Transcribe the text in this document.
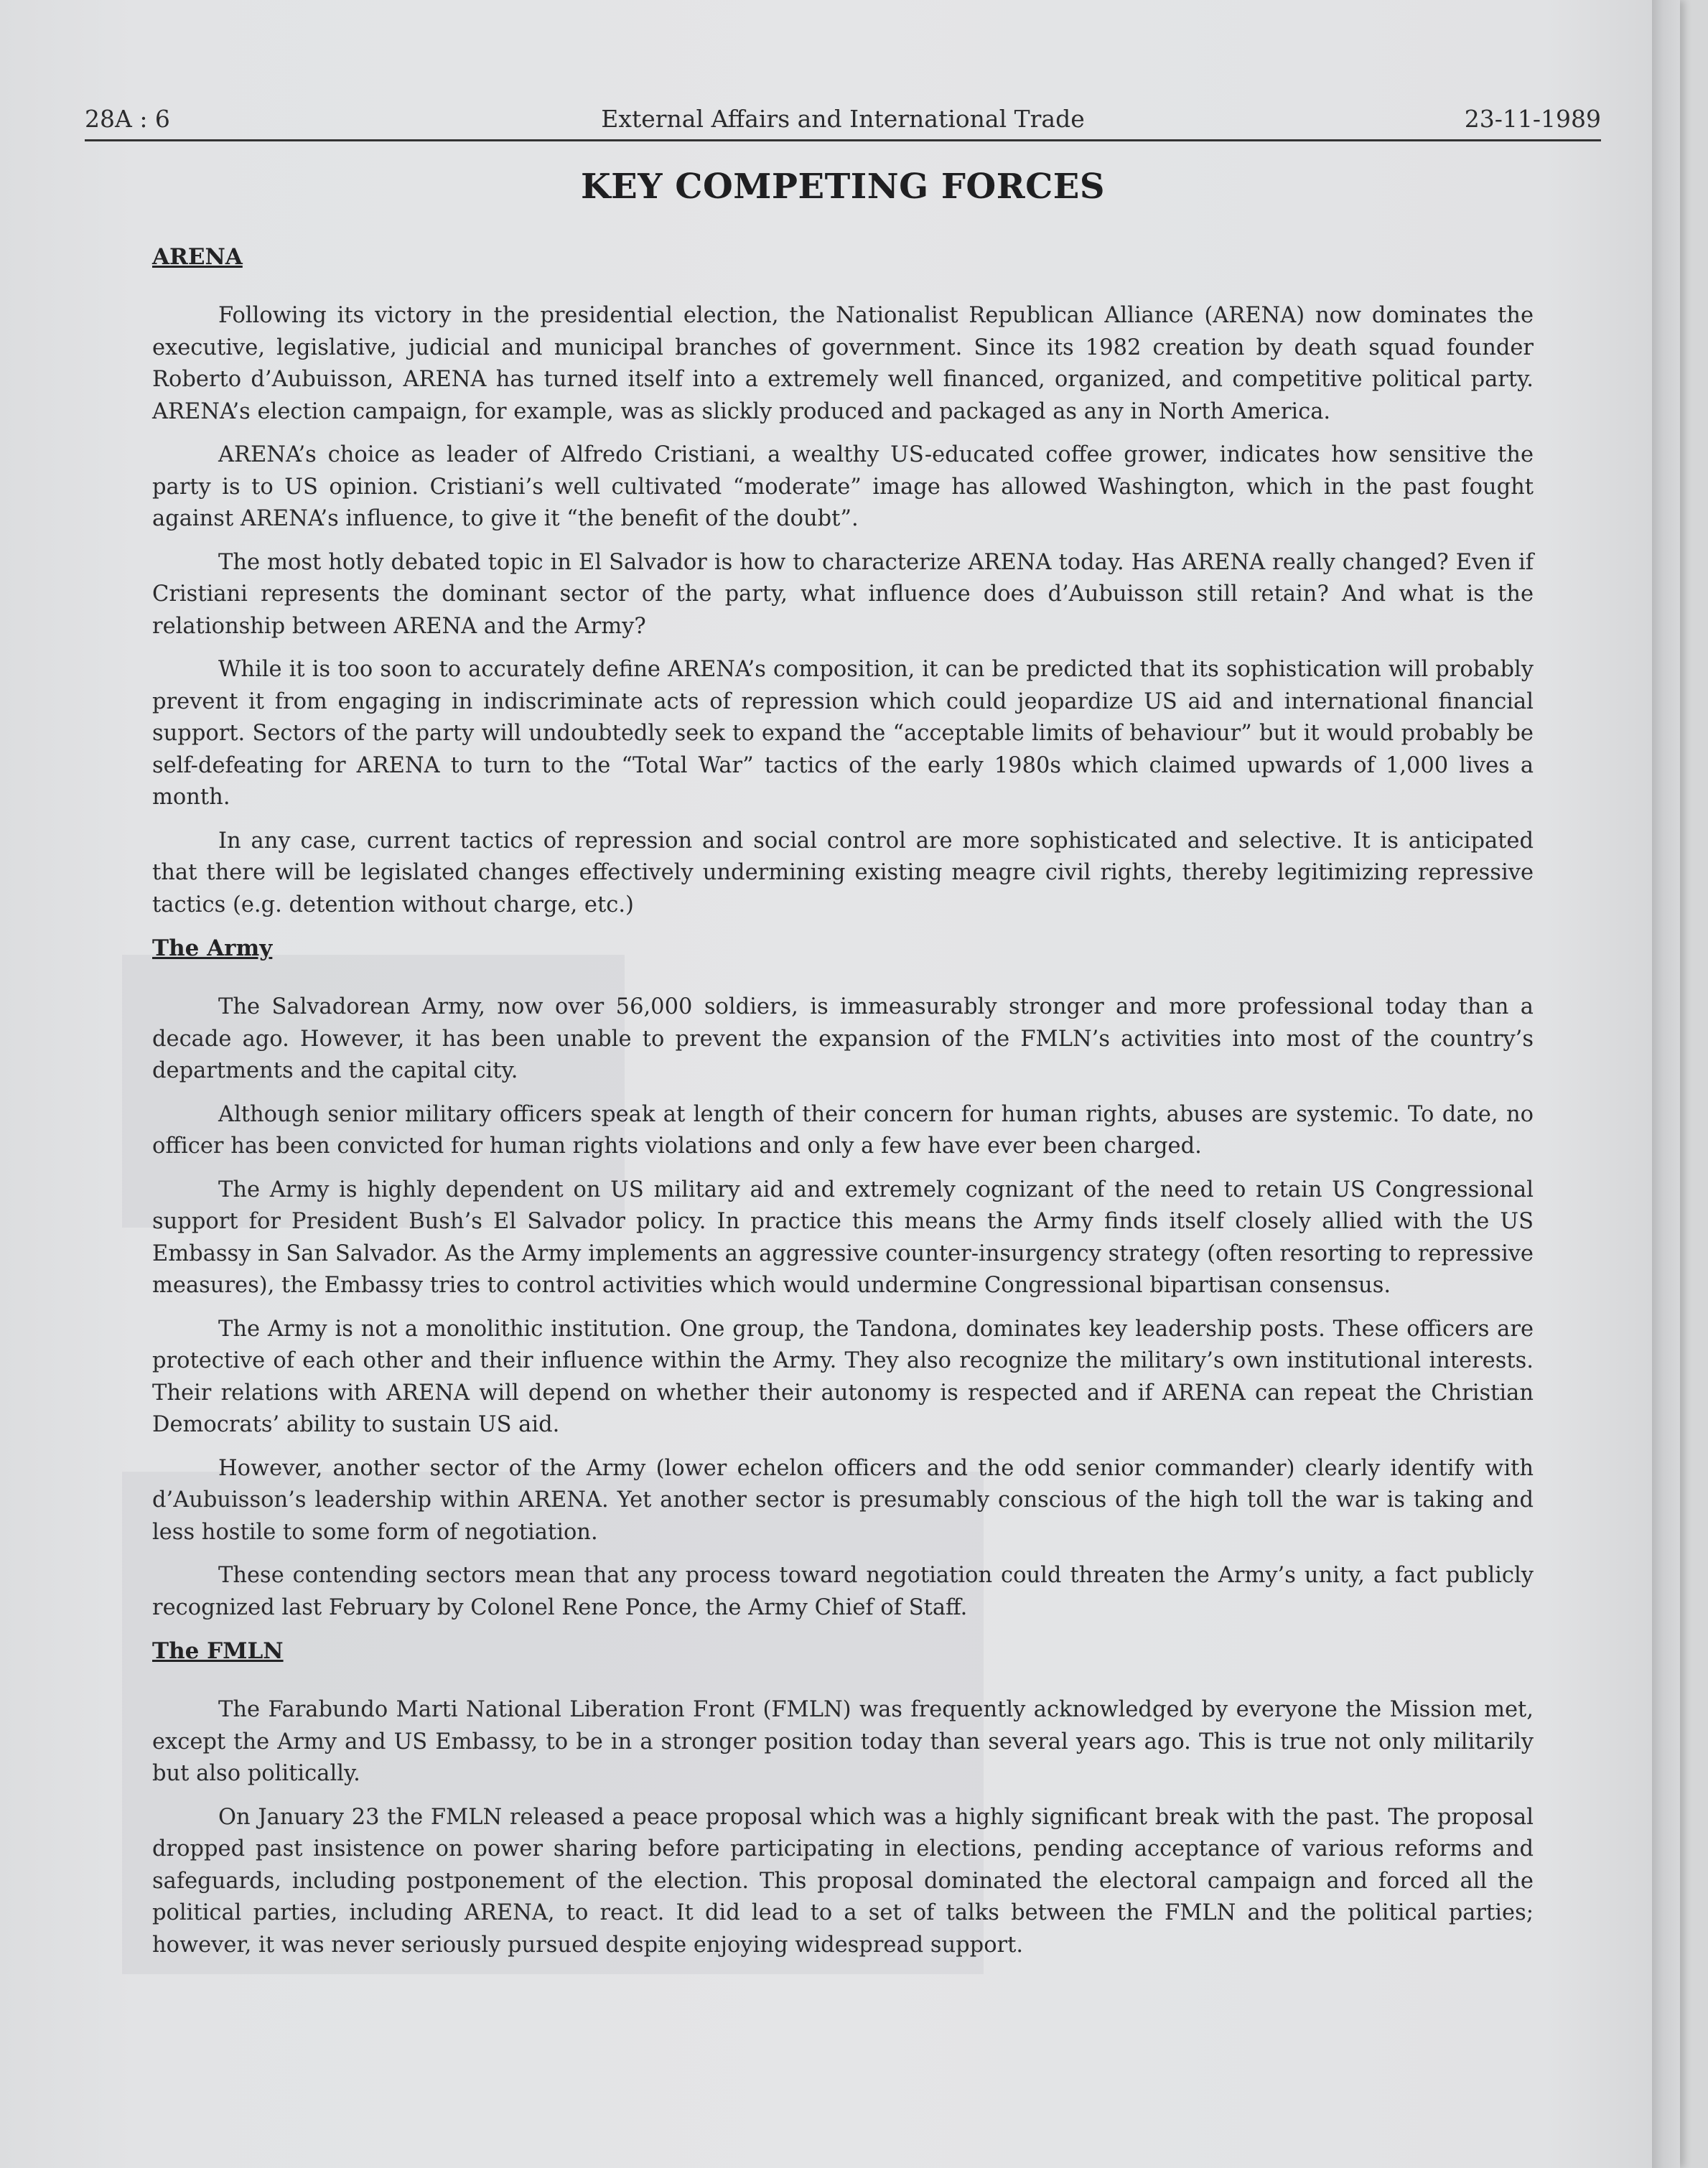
28A : 6	External Affairs and International Trade	23-11-1989
KEY COMPETING FORCES
ARENA

Following its victory in the presidential election, the Nationalist Republican Alliance (ARENA) now dominates the executive, legislative, judicial and municipal branches of government. Since its 1982 creation by death squad founder Roberto d’Aubuisson, ARENA has turned itself into a extremely well financed, organized, and competitive political party. ARENA’s election campaign, for example, was as slickly produced and packaged as any in North America.

ARENA’s choice as leader of Alfredo Cristiani, a wealthy US-educated coffee grower, indicates how sensitive the party is to US opinion. Cristiani’s well cultivated “moderate” image has allowed Washington, which in the past fought against ARENA’s influence, to give it “the benefit of the doubt”.

The most hotly debated topic in El Salvador is how to characterize ARENA today. Has ARENA really changed? Even if Cristiani represents the dominant sector of the party, what influence does d’Aubuisson still retain? And what is the relationship between ARENA and the Army?

While it is too soon to accurately define ARENA’s composition, it can be predicted that its sophistication will probably prevent it from engaging in indiscriminate acts of repression which could jeopardize US aid and international financial support. Sectors of the party will undoubtedly seek to expand the “acceptable limits of behaviour” but it would probably be self-defeating for ARENA to turn to the “Total War” tactics of the early 1980s which claimed upwards of 1,000 lives a month.

In any case, current tactics of repression and social control are more sophisticated and selective. It is anticipated that there will be legislated changes effectively undermining existing meagre civil rights, thereby legitimizing repressive tactics (e.g. detention without charge, etc.)

The Army

The Salvadorean Army, now over 56,000 soldiers, is immeasurably stronger and more professional today than a decade ago. However, it has been unable to prevent the expansion of the FMLN’s activities into most of the country’s departments and the capital city.

Although senior military officers speak at length of their concern for human rights, abuses are systemic. To date, no officer has been convicted for human rights violations and only a few have ever been charged.

The Army is highly dependent on US military aid and extremely cognizant of the need to retain US Congressional support for President Bush’s El Salvador policy. In practice this means the Army finds itself closely allied with the US Embassy in San Salvador. As the Army implements an aggressive counter-insurgency strategy (often resorting to repressive measures), the Embassy tries to control activities which would undermine Congressional bipartisan consensus.

The Army is not a monolithic institution. One group, the Tandona, dominates key leadership posts. These officers are protective of each other and their influence within the Army. They also recognize the military’s own institutional interests. Their relations with ARENA will depend on whether their autonomy is respected and if ARENA can repeat the Christian Democrats’ ability to sustain US aid.

However, another sector of the Army (lower echelon officers and the odd senior commander) clearly identify with d’Aubuisson’s leadership within ARENA. Yet another sector is presumably conscious of the high toll the war is taking and less hostile to some form of negotiation.

These contending sectors mean that any process toward negotiation could threaten the Army’s unity, a fact publicly recognized last February by Colonel Rene Ponce, the Army Chief of Staff.

The FMLN

The Farabundo Marti National Liberation Front (FMLN) was frequently acknowledged by everyone the Mission met, except the Army and US Embassy, to be in a stronger position today than several years ago. This is true not only militarily but also politically.

On January 23 the FMLN released a peace proposal which was a highly significant break with the past. The proposal dropped past insistence on power sharing before participating in elections, pending acceptance of various reforms and safeguards, including postponement of the election. This proposal dominated the electoral campaign and forced all the political parties, including ARENA, to react. It did lead to a set of talks between the FMLN and the political parties; however, it was never seriously pursued despite enjoying widespread support.
